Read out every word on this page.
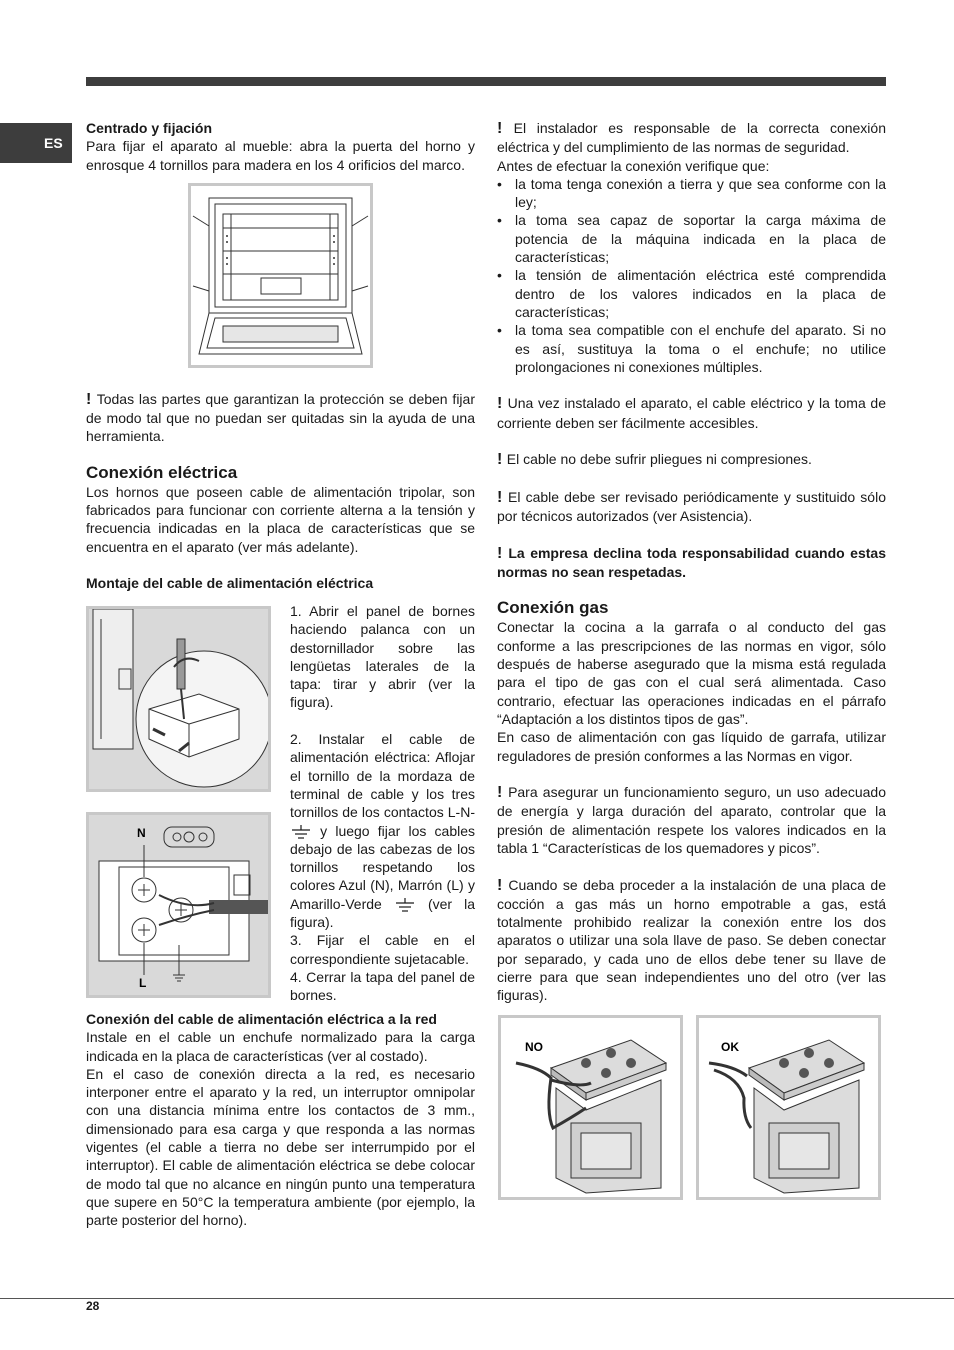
ES
Centrado y fijación
Para fijar el aparato al mueble: abra la puerta del horno y enrosque 4 tornillos para madera en los 4 orificios del marco.
! Todas las partes que garantizan la protección se deben fijar de modo tal que no puedan ser quitadas sin la ayuda de una herramienta.
Conexión eléctrica
Los hornos que poseen cable de alimentación tripolar, son fabricados para funcionar con corriente alterna a la tensión y frecuencia indicadas en la placa de características que se encuentra en el aparato (ver más adelante).
Montaje del cable de alimentación eléctrica
N
L
1. Abrir el panel de bornes haciendo palanca con un destornillador sobre las lengüetas laterales de la tapa: tirar y abrir (ver la figura).
2. Instalar el cable de alimentación eléctrica: Aflojar el tornillo de la mordaza de terminal de cable y los tres tornillos de los contactos L-N-  y luego fijar los cables debajo de las cabezas de los tornillos respetando los colores Azul (N), Marrón (L) y Amarillo-Verde	(ver la figura).
3. Fijar el cable en el correspondiente sujetacable.
4. Cerrar la tapa del panel de bornes.
Conexión del cable de alimentación eléctrica a la red
Instale en el cable un enchufe normalizado para la carga indicada en la placa de características (ver al costado).
En el caso de conexión directa a la red, es necesario interponer entre el aparato y la red, un interruptor omnipolar con una distancia mínima entre los contactos de 3 mm., dimensionado para esa carga y que responda a las normas vigentes (el cable a tierra no debe ser interrumpido por el interruptor). El cable de alimentación eléctrica se debe colocar de modo tal que no alcance en ningún punto una temperatura que supere en 50°C la temperatura ambiente (por ejemplo, la parte posterior del horno).
! El instalador es responsable de la correcta conexión eléctrica y del cumplimiento de las normas de seguridad.
Antes de efectuar la conexión verifique que:
• la toma tenga conexión a tierra y que sea conforme con la ley;
• la toma sea capaz de soportar la carga máxima de potencia de la máquina indicada en la placa de características;
• la tensión de alimentación eléctrica esté comprendida dentro de los valores indicados en la placa de características;
• la toma sea compatible con el enchufe del aparato. Si no es así, sustituya la toma o el enchufe; no utilice prolongaciones ni conexiones múltiples.
! Una vez instalado el aparato, el cable eléctrico y la toma de corriente deben ser fácilmente accesibles.
! El cable no debe sufrir pliegues ni compresiones.
! El cable debe ser revisado periódicamente y sustituido sólo por técnicos autorizados (ver Asistencia).
! La empresa declina toda responsabilidad cuando estas normas no sean respetadas.
Conexión gas
Conectar la cocina a la garrafa o al conducto del gas conforme a las prescripciones de las normas en vigor, sólo después de haberse asegurado que la misma está regulada para el tipo de gas con el cual será alimentada. Caso contrario, efectuar las operaciones indicadas en el párrafo “Adaptación a los distintos tipos de gas”.
En caso de alimentación con gas líquido de garrafa, utilizar reguladores de presión conformes a las Normas en vigor.
! Para asegurar un funcionamiento seguro, un uso adecuado de energía y larga duración del aparato, controlar que la presión de alimentación respete los valores indicados en la tabla 1 “Características de los quemadores y picos”.
! Cuando se deba proceder a la instalación de una placa de cocción a gas más un horno empotrable a gas, está totalmente prohibido realizar la conexión entre los dos aparatos o utilizar una sola llave de paso. Se deben conectar por separado, y cada uno de ellos debe tener su llave de cierre para que sean independientes uno del otro (ver las figuras).
NO	OK
28
